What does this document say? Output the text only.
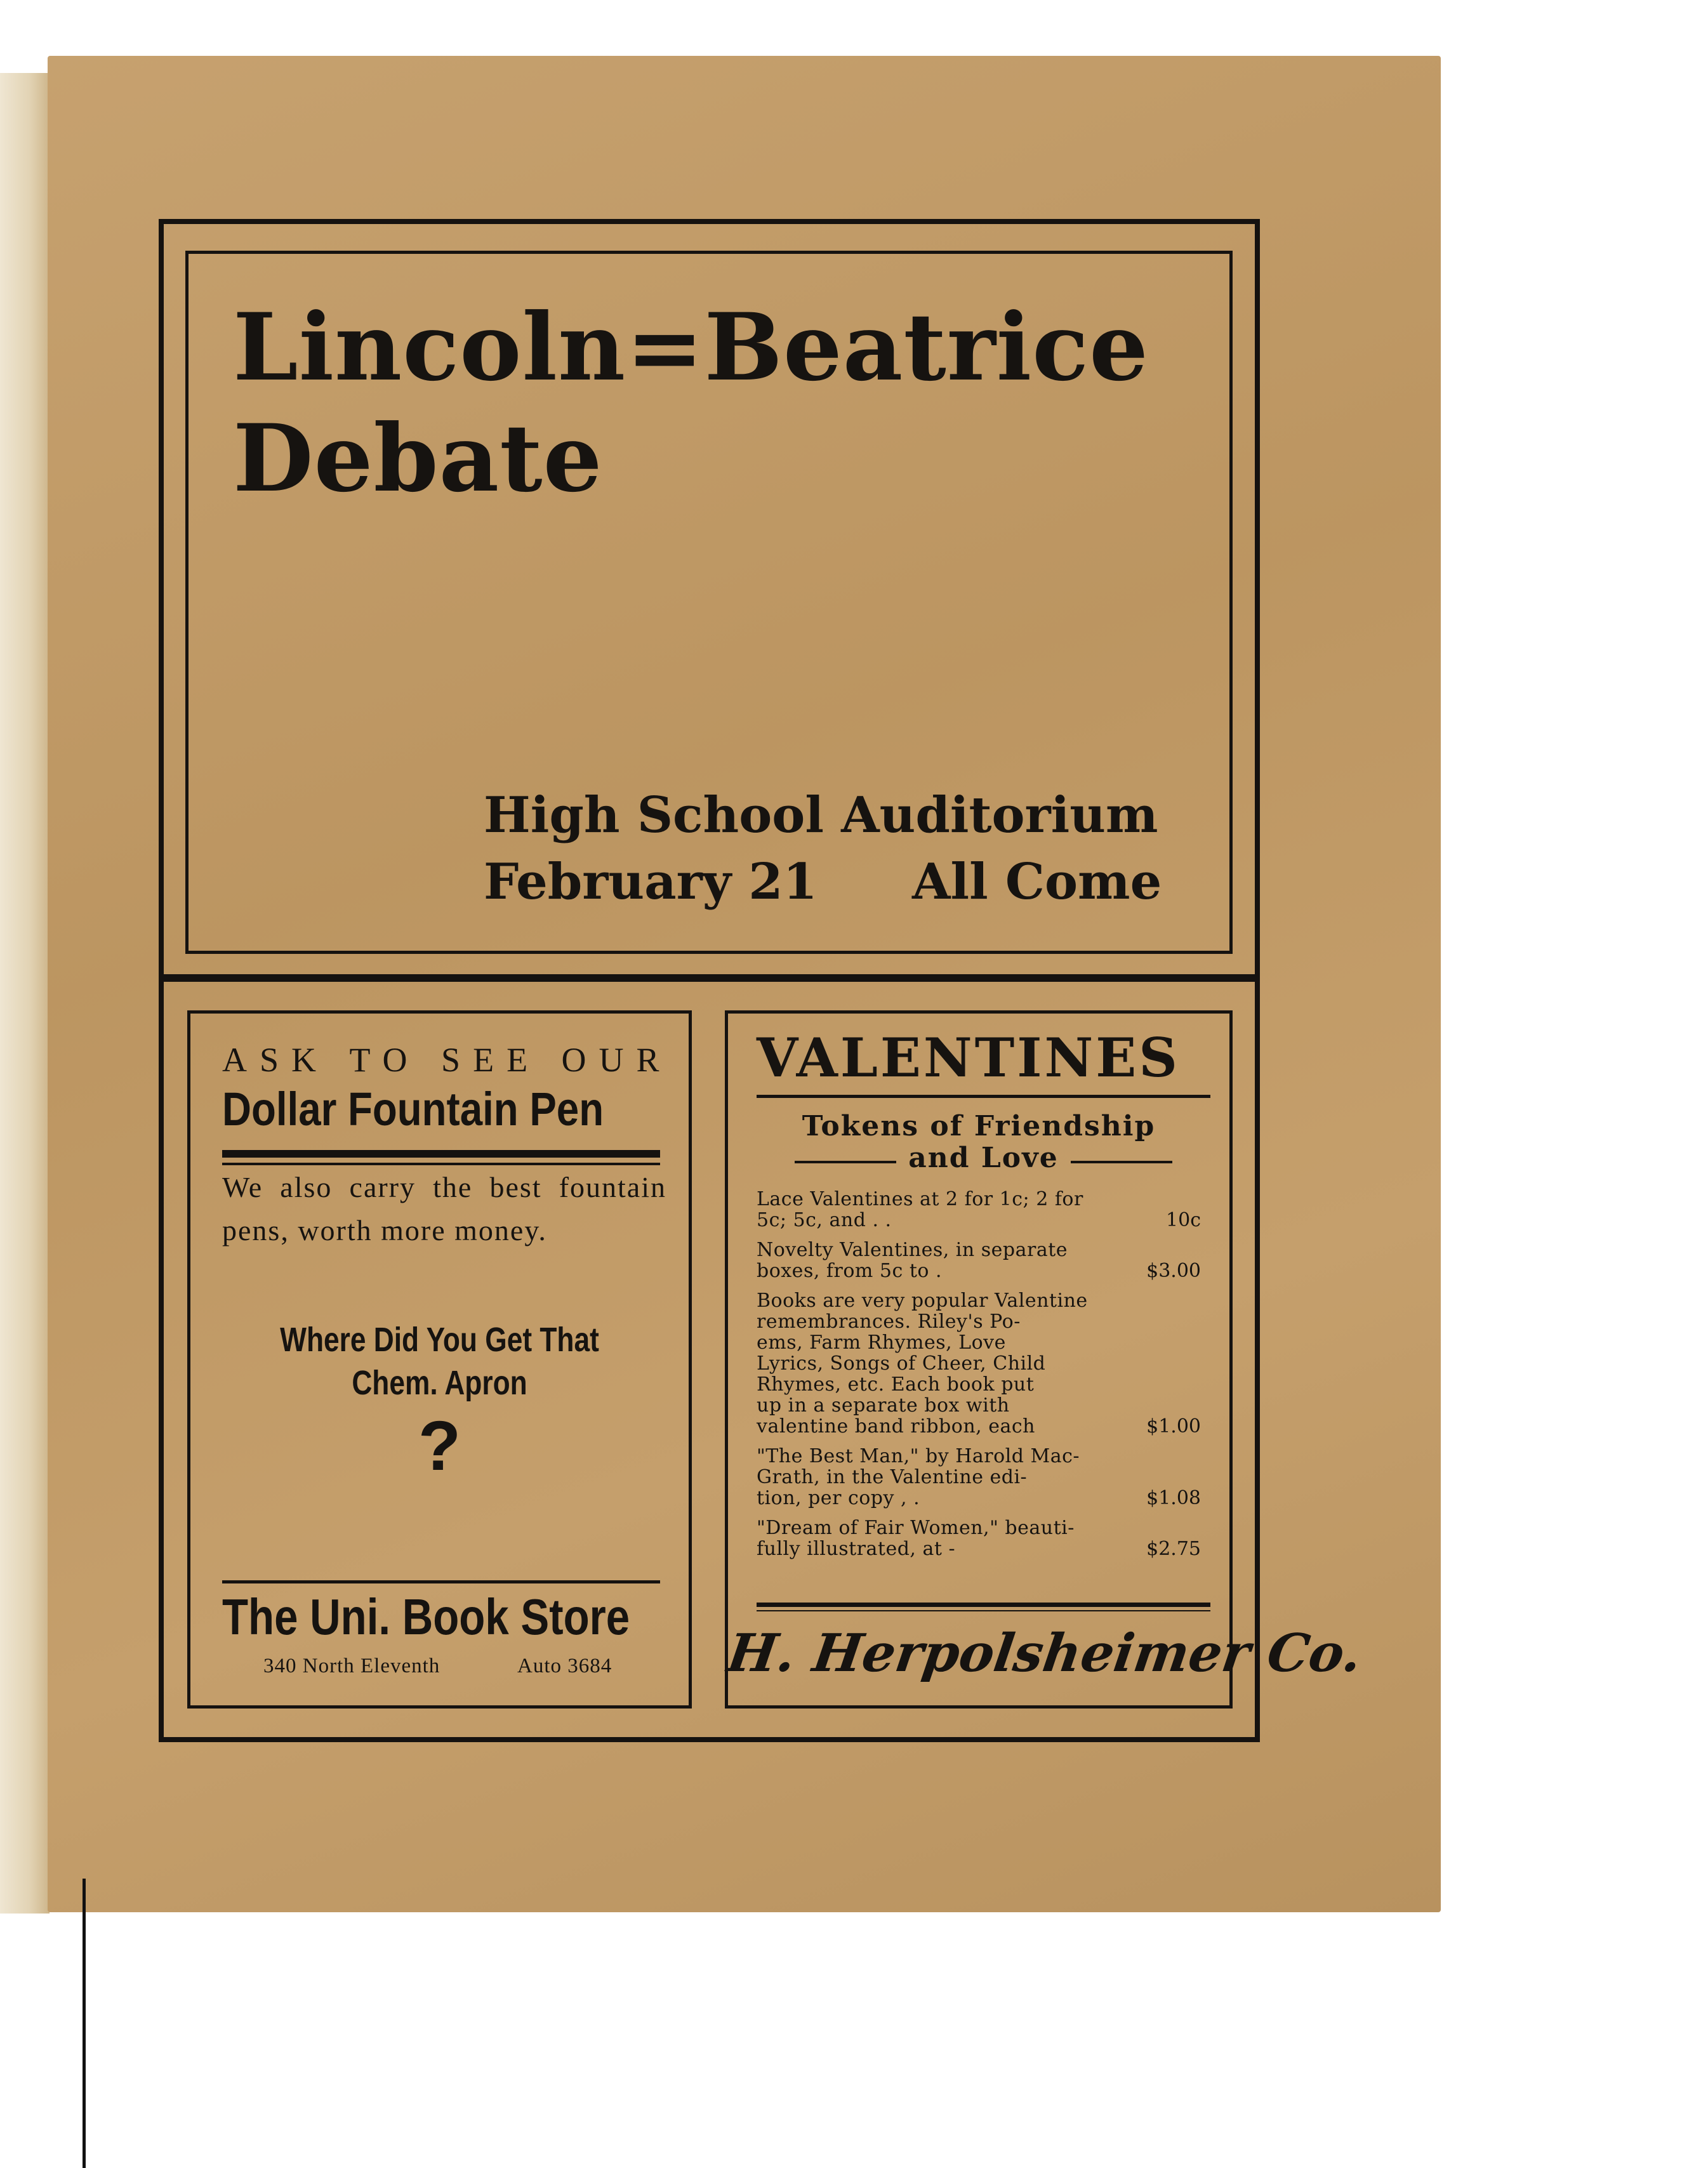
Lincoln=Beatrice
Debate

High School Auditorium

February 21 All Come

ASK TO SEE OUR

Dollar Fountain Pen

We also carry the best fountain pens, worth more money.

Where Did You Get That
Chem. Apron

?

The Uni. Book Store

340 North Eleventh	Auto 3684

VALENTINES

Tokens of Friendship

and Love

Lace Valentines at 2 for 1c; 2 for
5c; 5c, and . .	10c

Novelty Valentines, in separate
boxes, from 5c to .	$3.00

Books are very popular Valentine
remembrances. Riley's Po-
ems, Farm Rhymes, Love
Lyrics, Songs of Cheer, Child
Rhymes, etc. Each book put
up in a separate box with
valentine band ribbon, each	$1.00

"The Best Man," by Harold Mac-
Grath, in the Valentine edi-
tion, per copy , .	$1.08

"Dream of Fair Women," beauti-
fully illustrated, at -	$2.75

H. Herpolsheimer Co.
